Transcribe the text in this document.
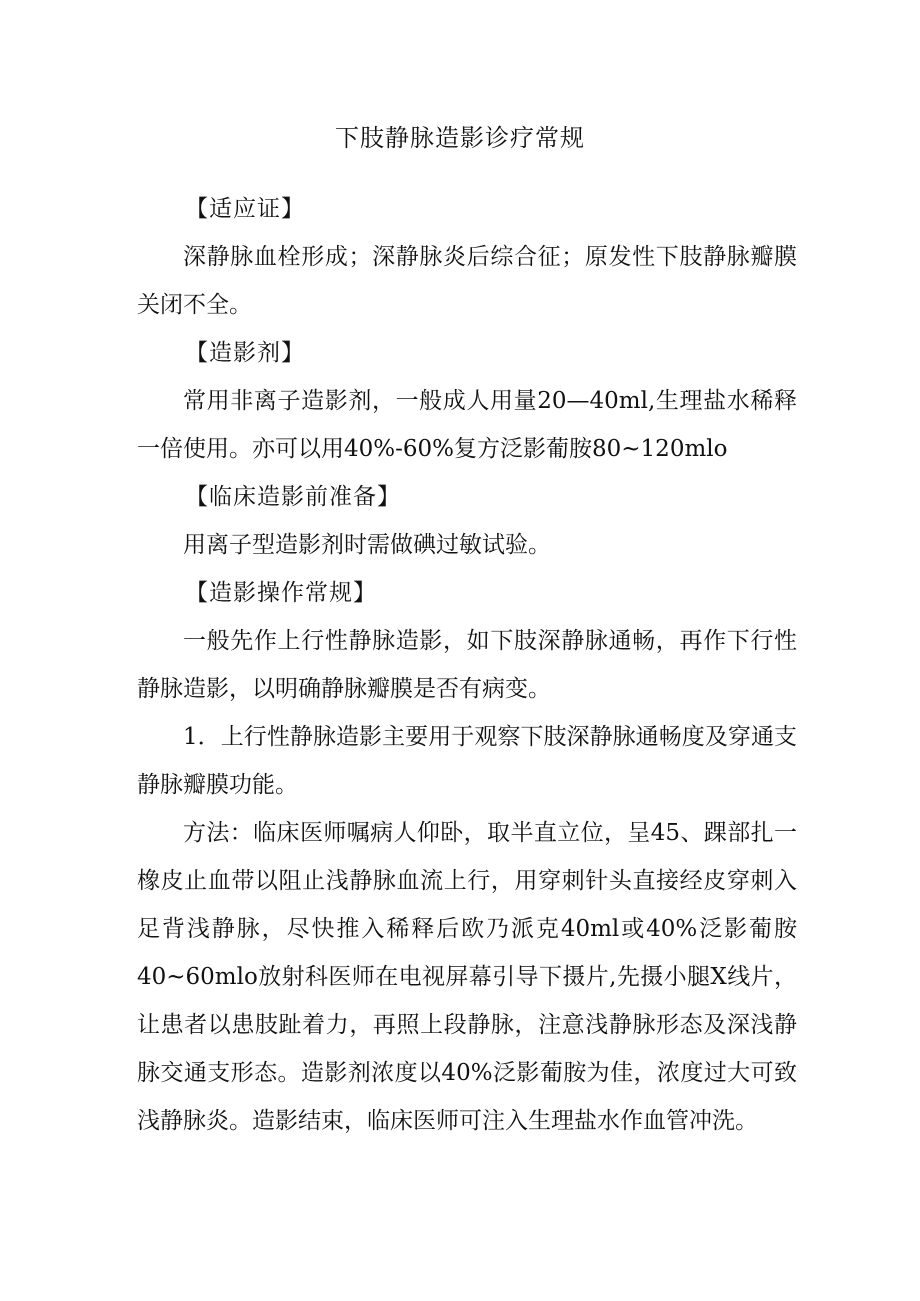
下肢静脉造影诊疗常规

【适应证】

深静脉血栓形成；深静脉炎后综合征；原发性下肢静脉瓣膜关闭不全。

【造影剂】

常用非离子造影剂，一般成人用量20—40ml,生理盐水稀释一倍使用。亦可以用40%-60%复方泛影葡胺80~120mlo

【临床造影前准备】

用离子型造影剂时需做碘过敏试验。

【造影操作常规】

一般先作上行性静脉造影，如下肢深静脉通畅，再作下行性静脉造影，以明确静脉瓣膜是否有病变。

1．上行性静脉造影主要用于观察下肢深静脉通畅度及穿通支静脉瓣膜功能。

方法：临床医师嘱病人仰卧，取半直立位，呈45、踝部扎一橡皮止血带以阻止浅静脉血流上行，用穿刺针头直接经皮穿刺入足背浅静脉，尽快推入稀释后欧乃派克40ml或40%泛影葡胺40~60mlo放射科医师在电视屏幕引导下摄片,先摄小腿X线片，让患者以患肢趾着力，再照上段静脉，注意浅静脉形态及深浅静脉交通支形态。造影剂浓度以40%泛影葡胺为佳，浓度过大可致浅静脉炎。造影结束，临床医师可注入生理盐水作血管冲洗。
